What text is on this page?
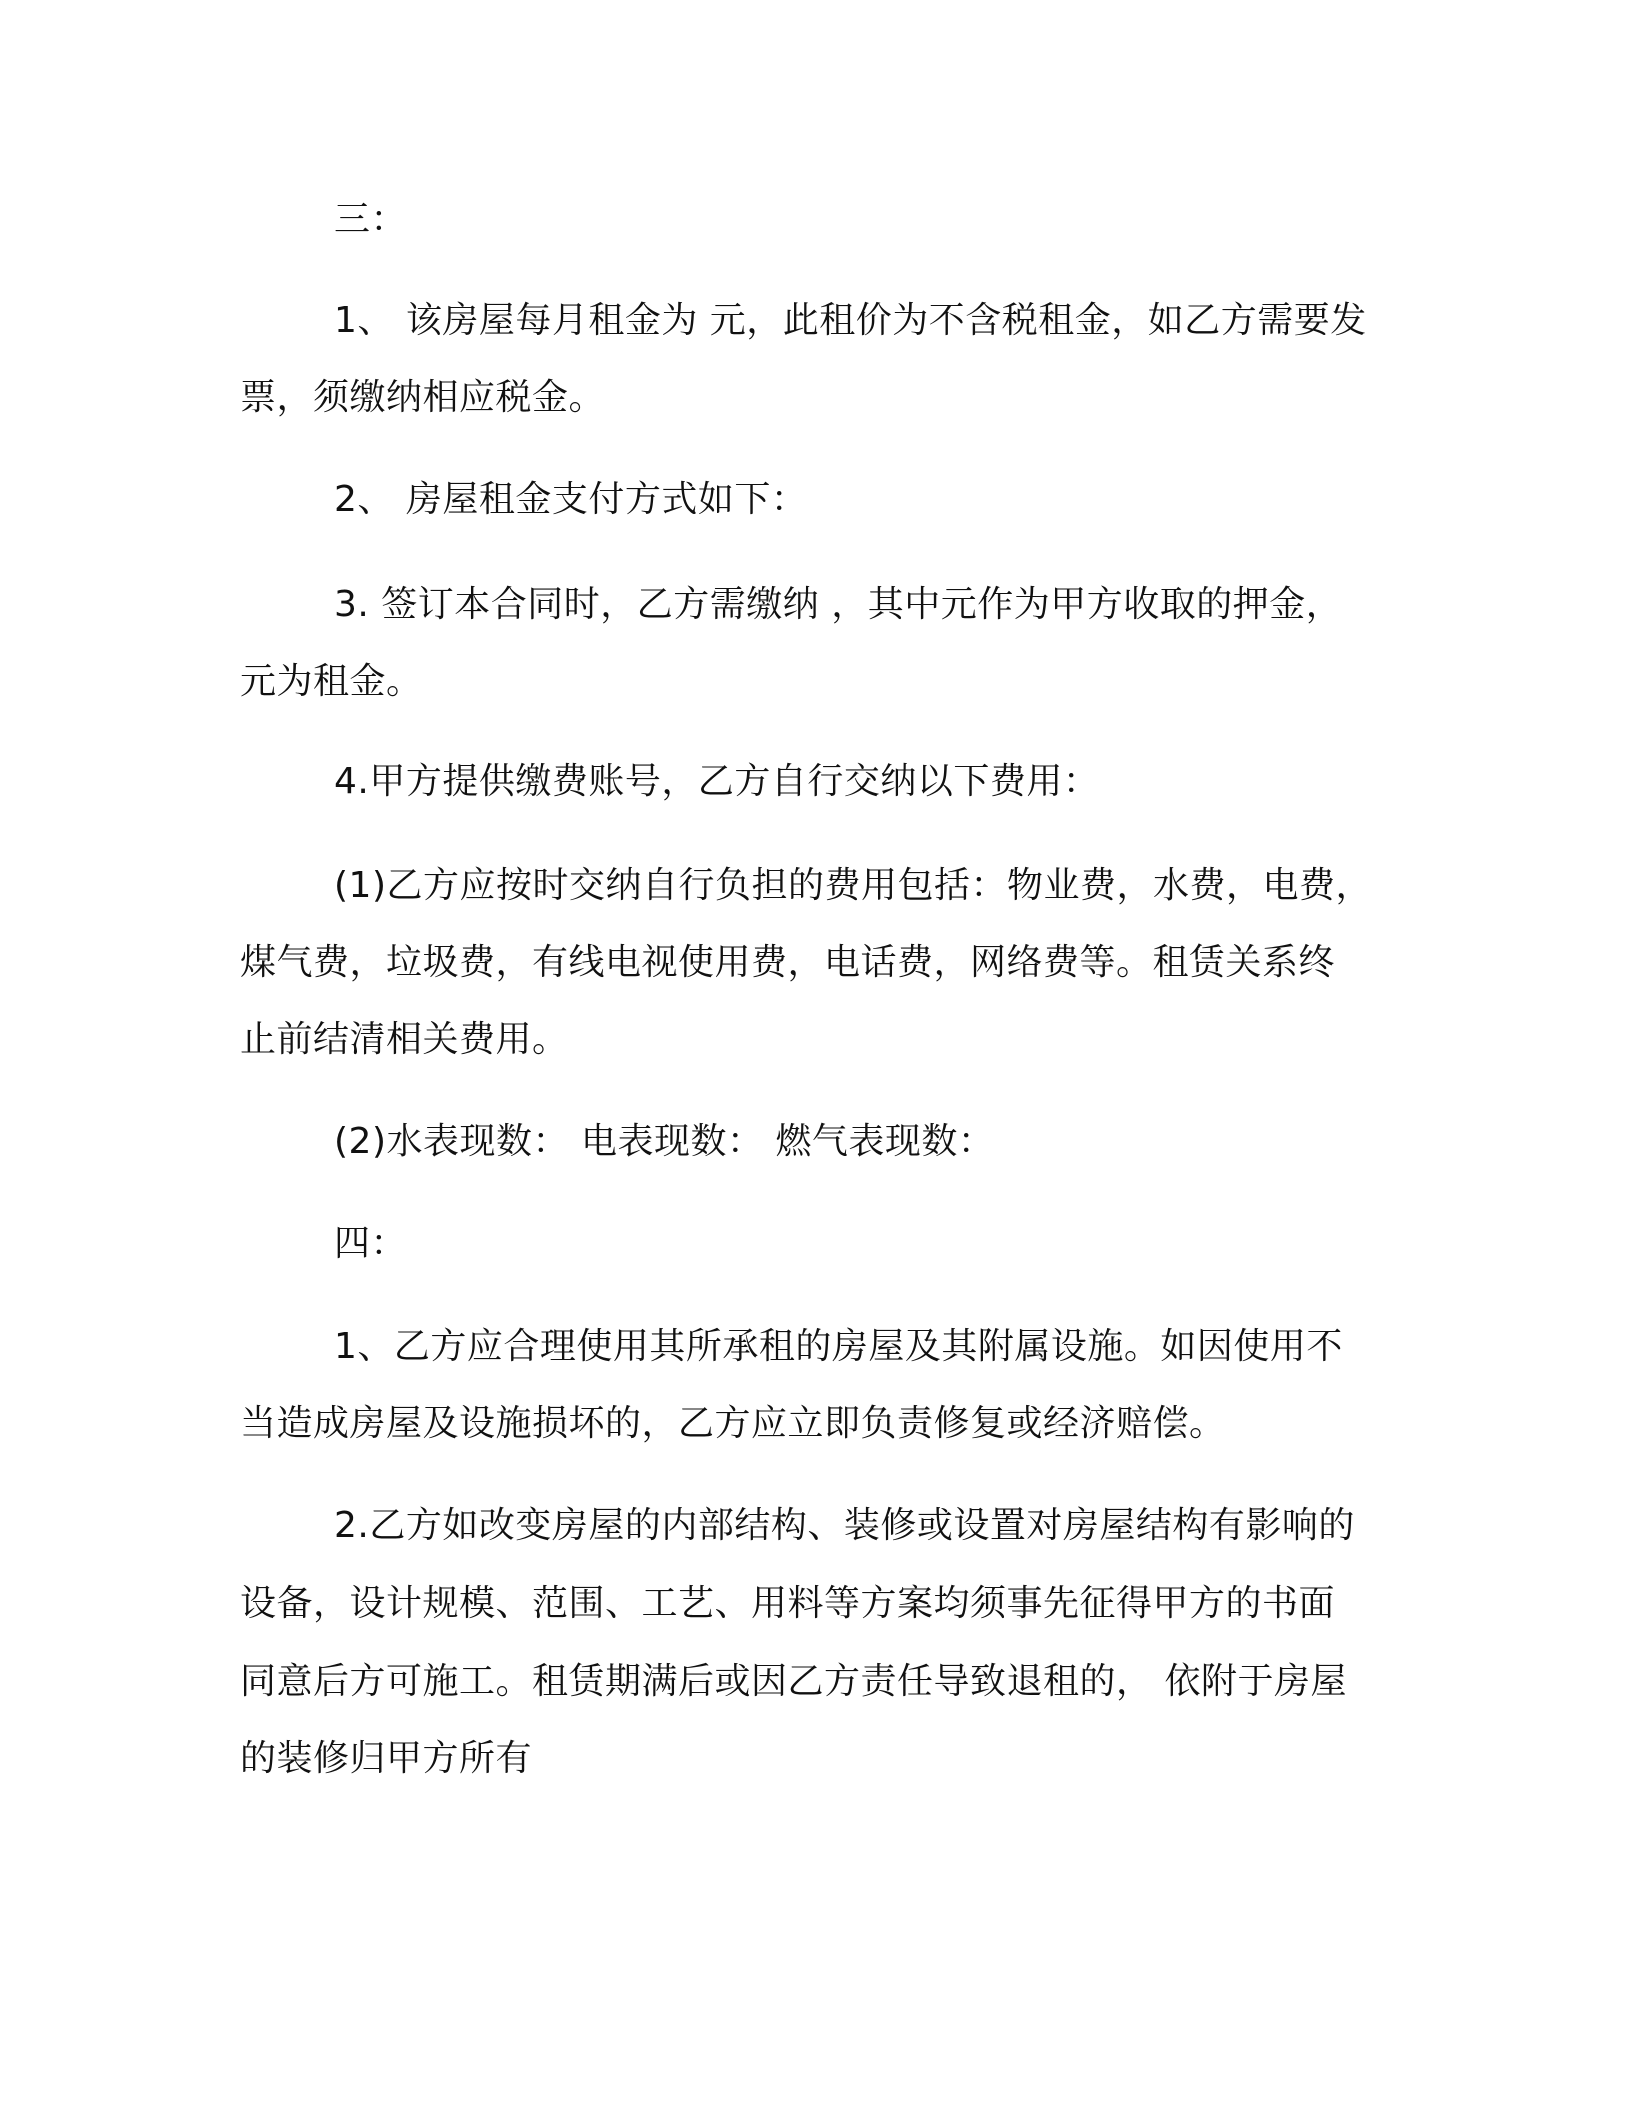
三：
1、 该房屋每月租金为 元，此租价为不含税租金，如乙方需要发
票，须缴纳相应税金。
2、 房屋租金支付方式如下：
3. 签订本合同时，乙方需缴纳 ，其中元作为甲方收取的押金，
元为租金。
4.甲方提供缴费账号，乙方自行交纳以下费用：
(1)乙方应按时交纳自行负担的费用包括：物业费，水费，电费，
煤气费，垃圾费，有线电视使用费，电话费，网络费等。租赁关系终
止前结清相关费用。
(2)水表现数： 电表现数： 燃气表现数：
四：
1、乙方应合理使用其所承租的房屋及其附属设施。如因使用不
当造成房屋及设施损坏的，乙方应立即负责修复或经济赔偿。
2.乙方如改变房屋的内部结构、装修或设置对房屋结构有影响的
设备，设计规模、范围、工艺、用料等方案均须事先征得甲方的书面
同意后方可施工。租赁期满后或因乙方责任导致退租的， 依附于房屋
的装修归甲方所有
